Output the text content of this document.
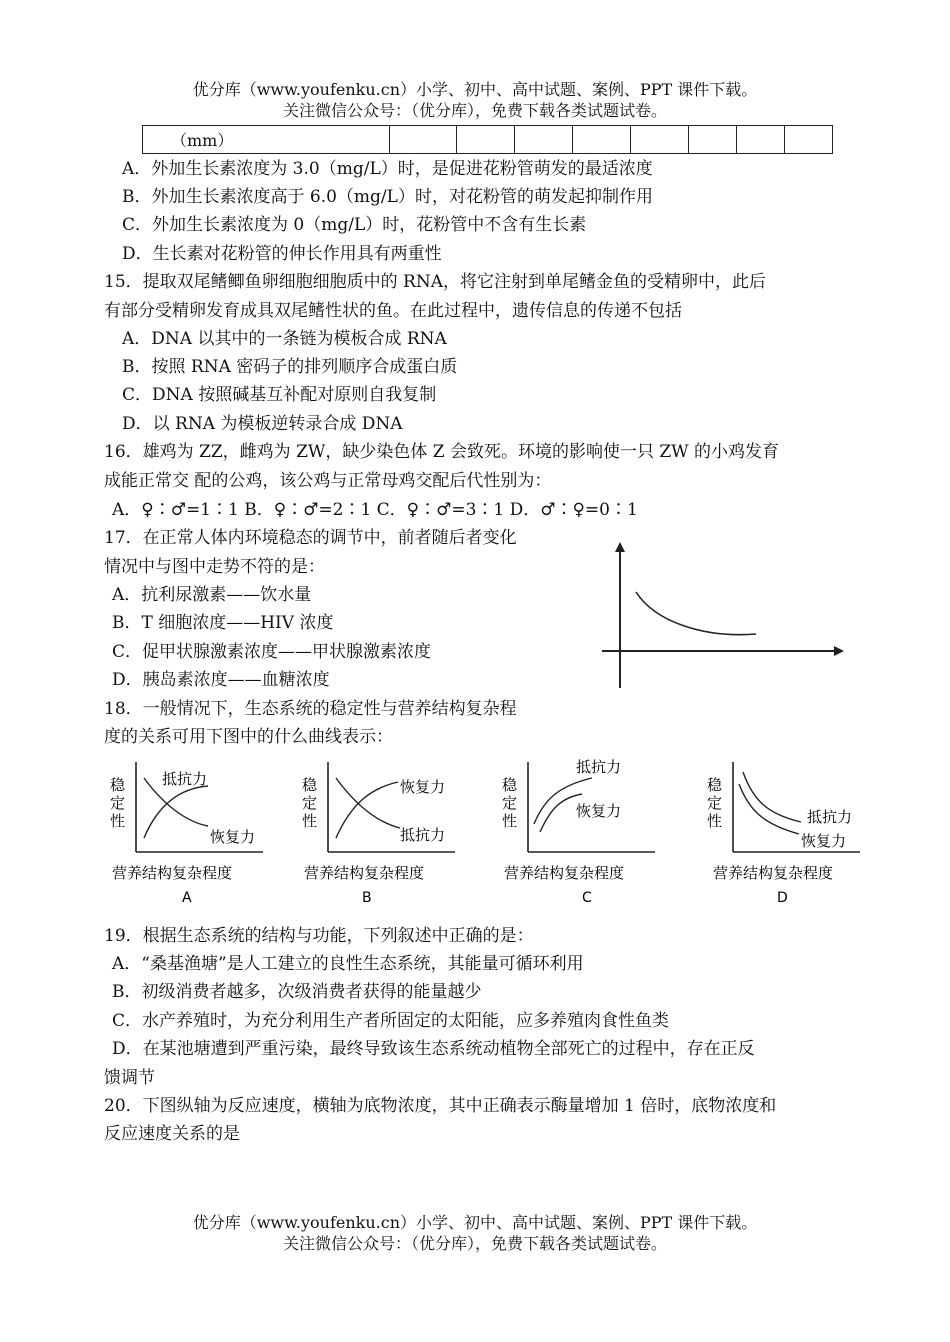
优分库（www.youfenku.cn）小学、初中、高中试题、案例、PPT 课件下载。
关注微信公众号：（优分库），免费下载各类试题试卷。
（mm）								
A．外加生长素浓度为 3.0（mg/L）时，是促进花粉管萌发的最适浓度
B．外加生长素浓度高于 6.0（mg/L）时，对花粉管的萌发起抑制作用
C．外加生长素浓度为 0（mg/L）时，花粉管中不含有生长素
D．生长素对花粉管的伸长作用具有两重性
15．提取双尾鳍鲫鱼卵细胞细胞质中的 RNA，将它注射到单尾鳍金鱼的受精卵中，此后
有部分受精卵发育成具双尾鳍性状的鱼。在此过程中，遗传信息的传递不包括
A．DNA 以其中的一条链为模板合成 RNA
B．按照 RNA 密码子的排列顺序合成蛋白质
C．DNA 按照碱基互补配对原则自我复制
D．以 RNA 为模板逆转录合成 DNA
16．雄鸡为 ZZ，雌鸡为 ZW，缺少染色体 Z 会致死。环境的影响使一只 ZW 的小鸡发育
成能正常交 配的公鸡，该公鸡与正常母鸡交配后代性别为：
A．♀∶♂=1∶1 B．♀∶♂=2∶1 C．♀∶♂=3∶1 D．♂∶♀=0∶1
17．在正常人体内环境稳态的调节中，前者随后者变化
情况中与图中走势不符的是：
A．抗利尿激素——饮水量
B．T 细胞浓度——HIV 浓度
C．促甲状腺激素浓度——甲状腺激素浓度
D．胰岛素浓度——血糖浓度
18．一般情况下，生态系统的稳定性与营养结构复杂程
度的关系可用下图中的什么曲线表示：
稳
定
性
抵抗力
恢复力
营养结构复杂程度
A
稳
定
性
恢复力
抵抗力
营养结构复杂程度
B
稳
定
性
抵抗力
恢复力
营养结构复杂程度
C
稳
定
性	抵抗力
恢复力
营养结构复杂程度
D
19．根据生态系统的结构与功能，下列叙述中正确的是：
A．“桑基渔塘”是人工建立的良性生态系统，其能量可循环利用
B．初级消费者越多，次级消费者获得的能量越少
C．水产养殖时，为充分利用生产者所固定的太阳能，应多养殖肉食性鱼类
D．在某池塘遭到严重污染，最终导致该生态系统动植物全部死亡的过程中，存在正反
馈调节
20．下图纵轴为反应速度，横轴为底物浓度，其中正确表示酶量增加 1 倍时，底物浓度和
反应速度关系的是
优分库（www.youfenku.cn）小学、初中、高中试题、案例、PPT 课件下载。
关注微信公众号：（优分库），免费下载各类试题试卷。
